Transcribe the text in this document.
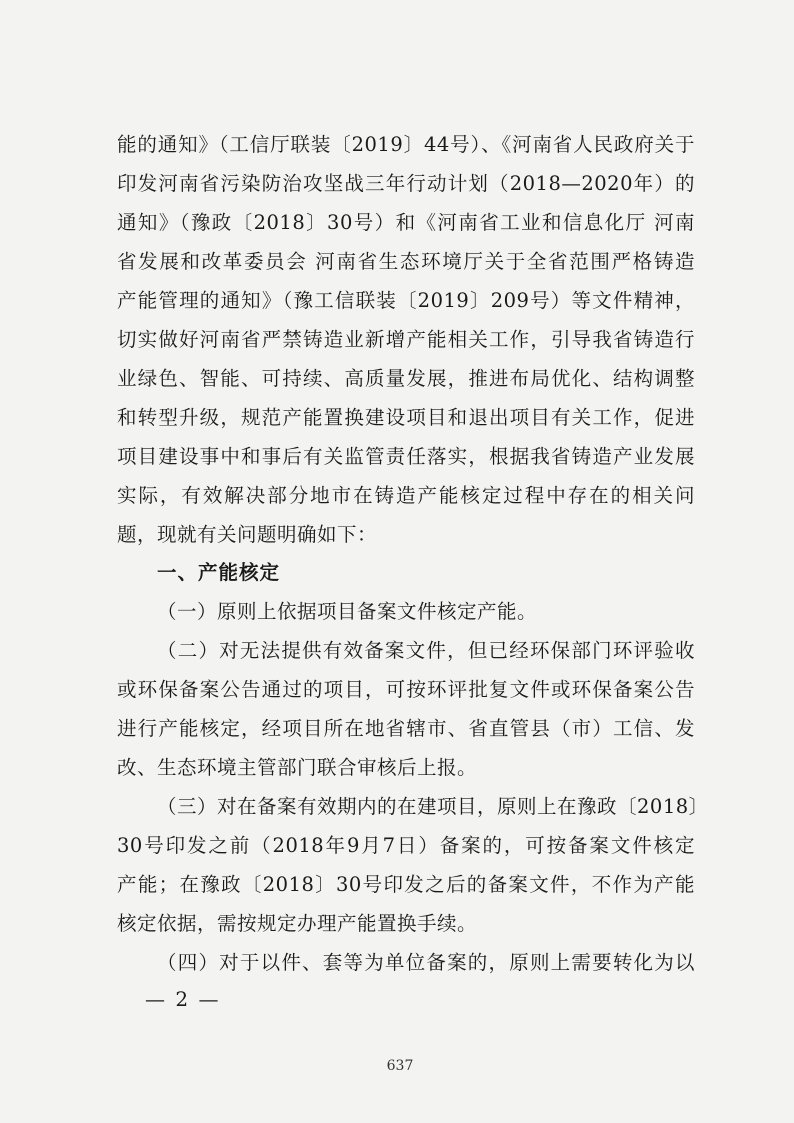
能的通知》（工信厅联装〔2019〕44号）、《河南省人民政府关于
印发河南省污染防治攻坚战三年行动计划（2018—2020年）的
通知》（豫政〔2018〕30号）和《河南省工业和信息化厅 河南
省发展和改革委员会 河南省生态环境厅关于全省范围严格铸造
产能管理的通知》（豫工信联装〔2019〕209号）等文件精神，
切实做好河南省严禁铸造业新增产能相关工作，引导我省铸造行
业绿色、智能、可持续、高质量发展，推进布局优化、结构调整
和转型升级，规范产能置换建设项目和退出项目有关工作，促进
项目建设事中和事后有关监管责任落实，根据我省铸造产业发展
实际，有效解决部分地市在铸造产能核定过程中存在的相关问
题，现就有关问题明确如下：
一、产能核定
（一）原则上依据项目备案文件核定产能。
（二）对无法提供有效备案文件，但已经环保部门环评验收
或环保备案公告通过的项目，可按环评批复文件或环保备案公告
进行产能核定，经项目所在地省辖市、省直管县（市）工信、发
改、生态环境主管部门联合审核后上报。
（三）对在备案有效期内的在建项目，原则上在豫政〔2018〕
30号印发之前（2018年9月7日）备案的，可按备案文件核定
产能；在豫政〔2018〕30号印发之后的备案文件，不作为产能
核定依据，需按规定办理产能置换手续。
（四）对于以件、套等为单位备案的，原则上需要转化为以
— 2 —
637
